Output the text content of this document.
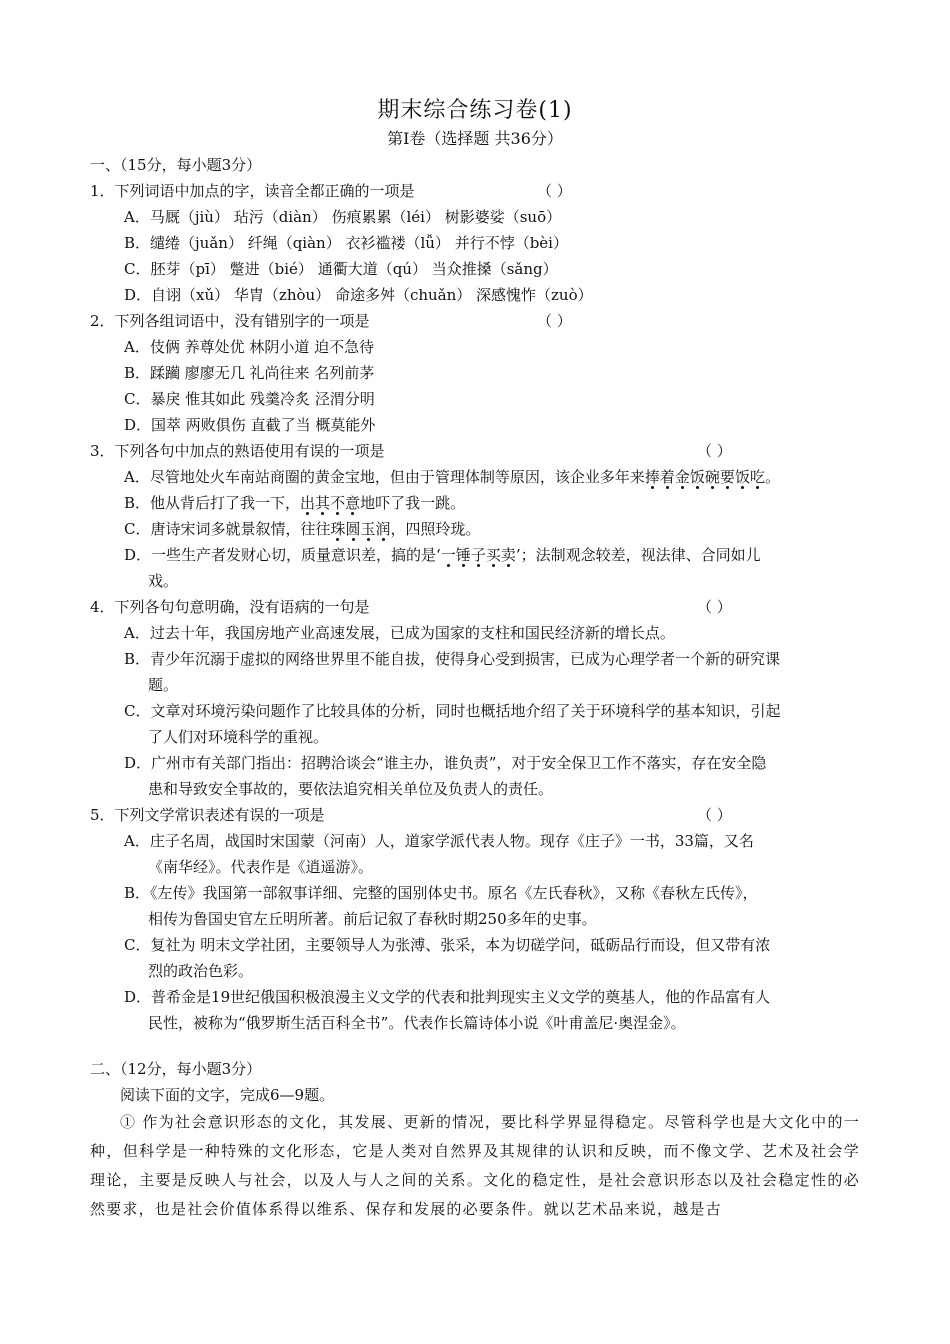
期末综合练习卷(1)
第Ⅰ卷（选择题 共36分）
一、（15分，每小题3分）
1．下列词语中加点的字，读音全都正确的一项是	（ ）
A．马厩（jiù） 玷污（diàn） 伤痕累累（léi） 树影婆娑（suō）
B．缱绻（juǎn） 纤绳（qiàn） 衣衫褴褛（lǚ） 并行不悖（bèi）
C．胚芽（pī） 蹩进（bié） 通衢大道（qú） 当众推搡（sǎng）
D．自诩（xǔ） 华胄（zhòu） 命途多舛（chuǎn） 深感愧怍（zuò）
2．下列各组词语中，没有错别字的一项是	（ ）
A．伎俩 养尊处优 林阴小道 迫不急待
B．蹂躏 廖廖无几 礼尚往来 名列前茅
C．暴戾 惟其如此 残羹冷炙 泾渭分明
D．国萃 两败俱伤 直截了当 概莫能外
3．下列各句中加点的熟语使用有误的一项是	（ ）
A．尽管地处火车南站商圈的黄金宝地，但由于管理体制等原因，该企业多年来捧着金饭碗要饭吃。
B．他从背后打了我一下，出其不意地吓了我一跳。
C．唐诗宋词多就景叙情，往往珠圆玉润，四照玲珑。
D．一些生产者发财心切，质量意识差，搞的是‘一锤子买卖’；法制观念较差，视法律、合同如儿
戏。
4．下列各句句意明确，没有语病的一句是	（ ）
A．过去十年，我国房地产业高速发展，已成为国家的支柱和国民经济新的增长点。
B．青少年沉溺于虚拟的网络世界里不能自拔，使得身心受到损害，已成为心理学者一个新的研究课
题。
C．文章对环境污染问题作了比较具体的分析，同时也概括地介绍了关于环境科学的基本知识，引起
了人们对环境科学的重视。
D．广州市有关部门指出：招聘洽谈会“谁主办，谁负责”，对于安全保卫工作不落实，存在安全隐
患和导致安全事故的，要依法追究相关单位及负责人的责任。
5．下列文学常识表述有误的一项是	（ ）
A．庄子名周，战国时宋国蒙（河南）人，道家学派代表人物。现存《庄子》一书，33篇，又名
《南华经》。代表作是《逍遥游》。
B．《左传》我国第一部叙事详细、完整的国别体史书。原名《左氏春秋》，又称《春秋左氏传》，
相传为鲁国史官左丘明所著。前后记叙了春秋时期250多年的史事。
C．复社为 明末文学社团，主要领导人为张溥、张采，本为切磋学问，砥砺品行而设，但又带有浓
烈的政治色彩。
D．普希金是19世纪俄国积极浪漫主义文学的代表和批判现实主义文学的奠基人，他的作品富有人
民性，被称为“俄罗斯生活百科全书”。代表作长篇诗体小说《叶甫盖尼·奥涅金》。
二、（12分，每小题3分）
阅读下面的文字，完成6—9题。
① 作为社会意识形态的文化，其发展、更新的情况，要比科学界显得稳定。尽管科学也是大文化中的一种，但科学是一种特殊的文化形态，它是人类对自然界及其规律的认识和反映，而不像文学、艺术及社会学理论，主要是反映人与社会，以及人与人之间的关系。文化的稳定性，是社会意识形态以及社会稳定性的必然要求，也是社会价值体系得以维系、保存和发展的必要条件。就以艺术品来说，越是古
